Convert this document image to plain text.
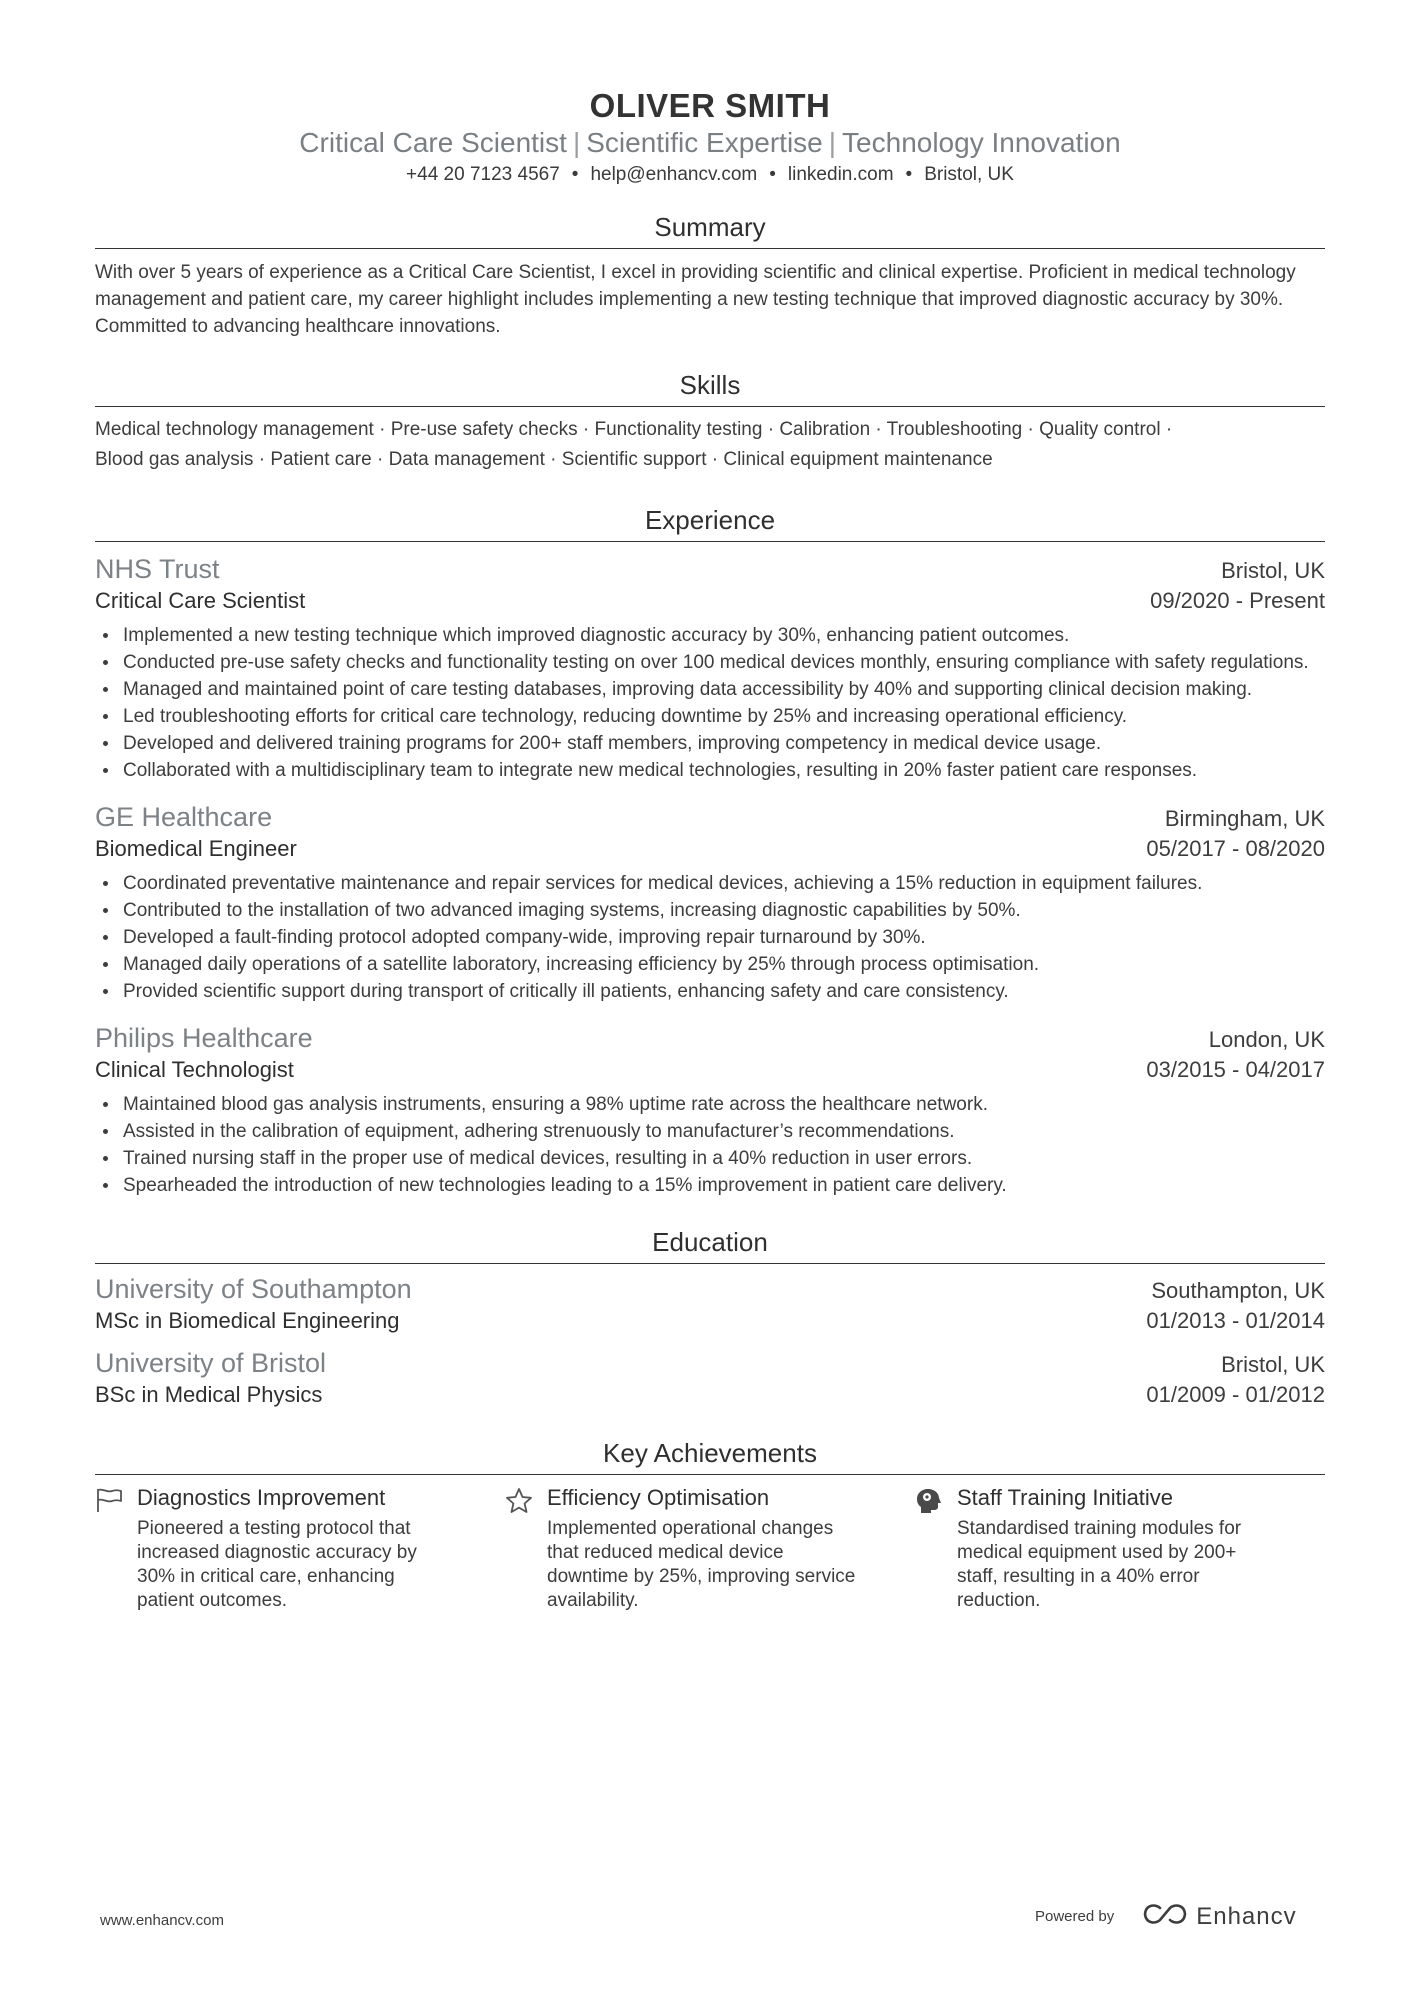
OLIVER SMITH
Critical Care Scientist | Scientific Expertise | Technology Innovation
+44 20 7123 4567 • help@enhancv.com • linkedin.com • Bristol, UK
Summary
With over 5 years of experience as a Critical Care Scientist, I excel in providing scientific and clinical expertise. Proficient in medical technology management and patient care, my career highlight includes implementing a new testing technique that improved diagnostic accuracy by 30%. Committed to advancing healthcare innovations.
Skills
Medical technology management · Pre-use safety checks · Functionality testing · Calibration · Troubleshooting · Quality control ·
Blood gas analysis · Patient care · Data management · Scientific support · Clinical equipment maintenance
Experience
NHS Trust	Bristol, UK
Critical Care Scientist	09/2020 - Present
Implemented a new testing technique which improved diagnostic accuracy by 30%, enhancing patient outcomes.
Conducted pre-use safety checks and functionality testing on over 100 medical devices monthly, ensuring compliance with safety regulations.
Managed and maintained point of care testing databases, improving data accessibility by 40% and supporting clinical decision making.
Led troubleshooting efforts for critical care technology, reducing downtime by 25% and increasing operational efficiency.
Developed and delivered training programs for 200+ staff members, improving competency in medical device usage.
Collaborated with a multidisciplinary team to integrate new medical technologies, resulting in 20% faster patient care responses.
GE Healthcare	Birmingham, UK
Biomedical Engineer	05/2017 - 08/2020
Coordinated preventative maintenance and repair services for medical devices, achieving a 15% reduction in equipment failures.
Contributed to the installation of two advanced imaging systems, increasing diagnostic capabilities by 50%.
Developed a fault-finding protocol adopted company-wide, improving repair turnaround by 30%.
Managed daily operations of a satellite laboratory, increasing efficiency by 25% through process optimisation.
Provided scientific support during transport of critically ill patients, enhancing safety and care consistency.
Philips Healthcare	London, UK
Clinical Technologist	03/2015 - 04/2017
Maintained blood gas analysis instruments, ensuring a 98% uptime rate across the healthcare network.
Assisted in the calibration of equipment, adhering strenuously to manufacturer’s recommendations.
Trained nursing staff in the proper use of medical devices, resulting in a 40% reduction in user errors.
Spearheaded the introduction of new technologies leading to a 15% improvement in patient care delivery.
Education
University of Southampton	Southampton, UK
MSc in Biomedical Engineering	01/2013 - 01/2014
University of Bristol	Bristol, UK
BSc in Medical Physics	01/2009 - 01/2012
Key Achievements
Diagnostics Improvement
Pioneered a testing protocol that increased diagnostic accuracy by 30% in critical care, enhancing patient outcomes.
Efficiency Optimisation
Implemented operational changes that reduced medical device downtime by 25%, improving service availability.
Staff Training Initiative
Standardised training modules for medical equipment used by 200+ staff, resulting in a 40% error reduction.
www.enhancv.com	Powered by	Enhancv
